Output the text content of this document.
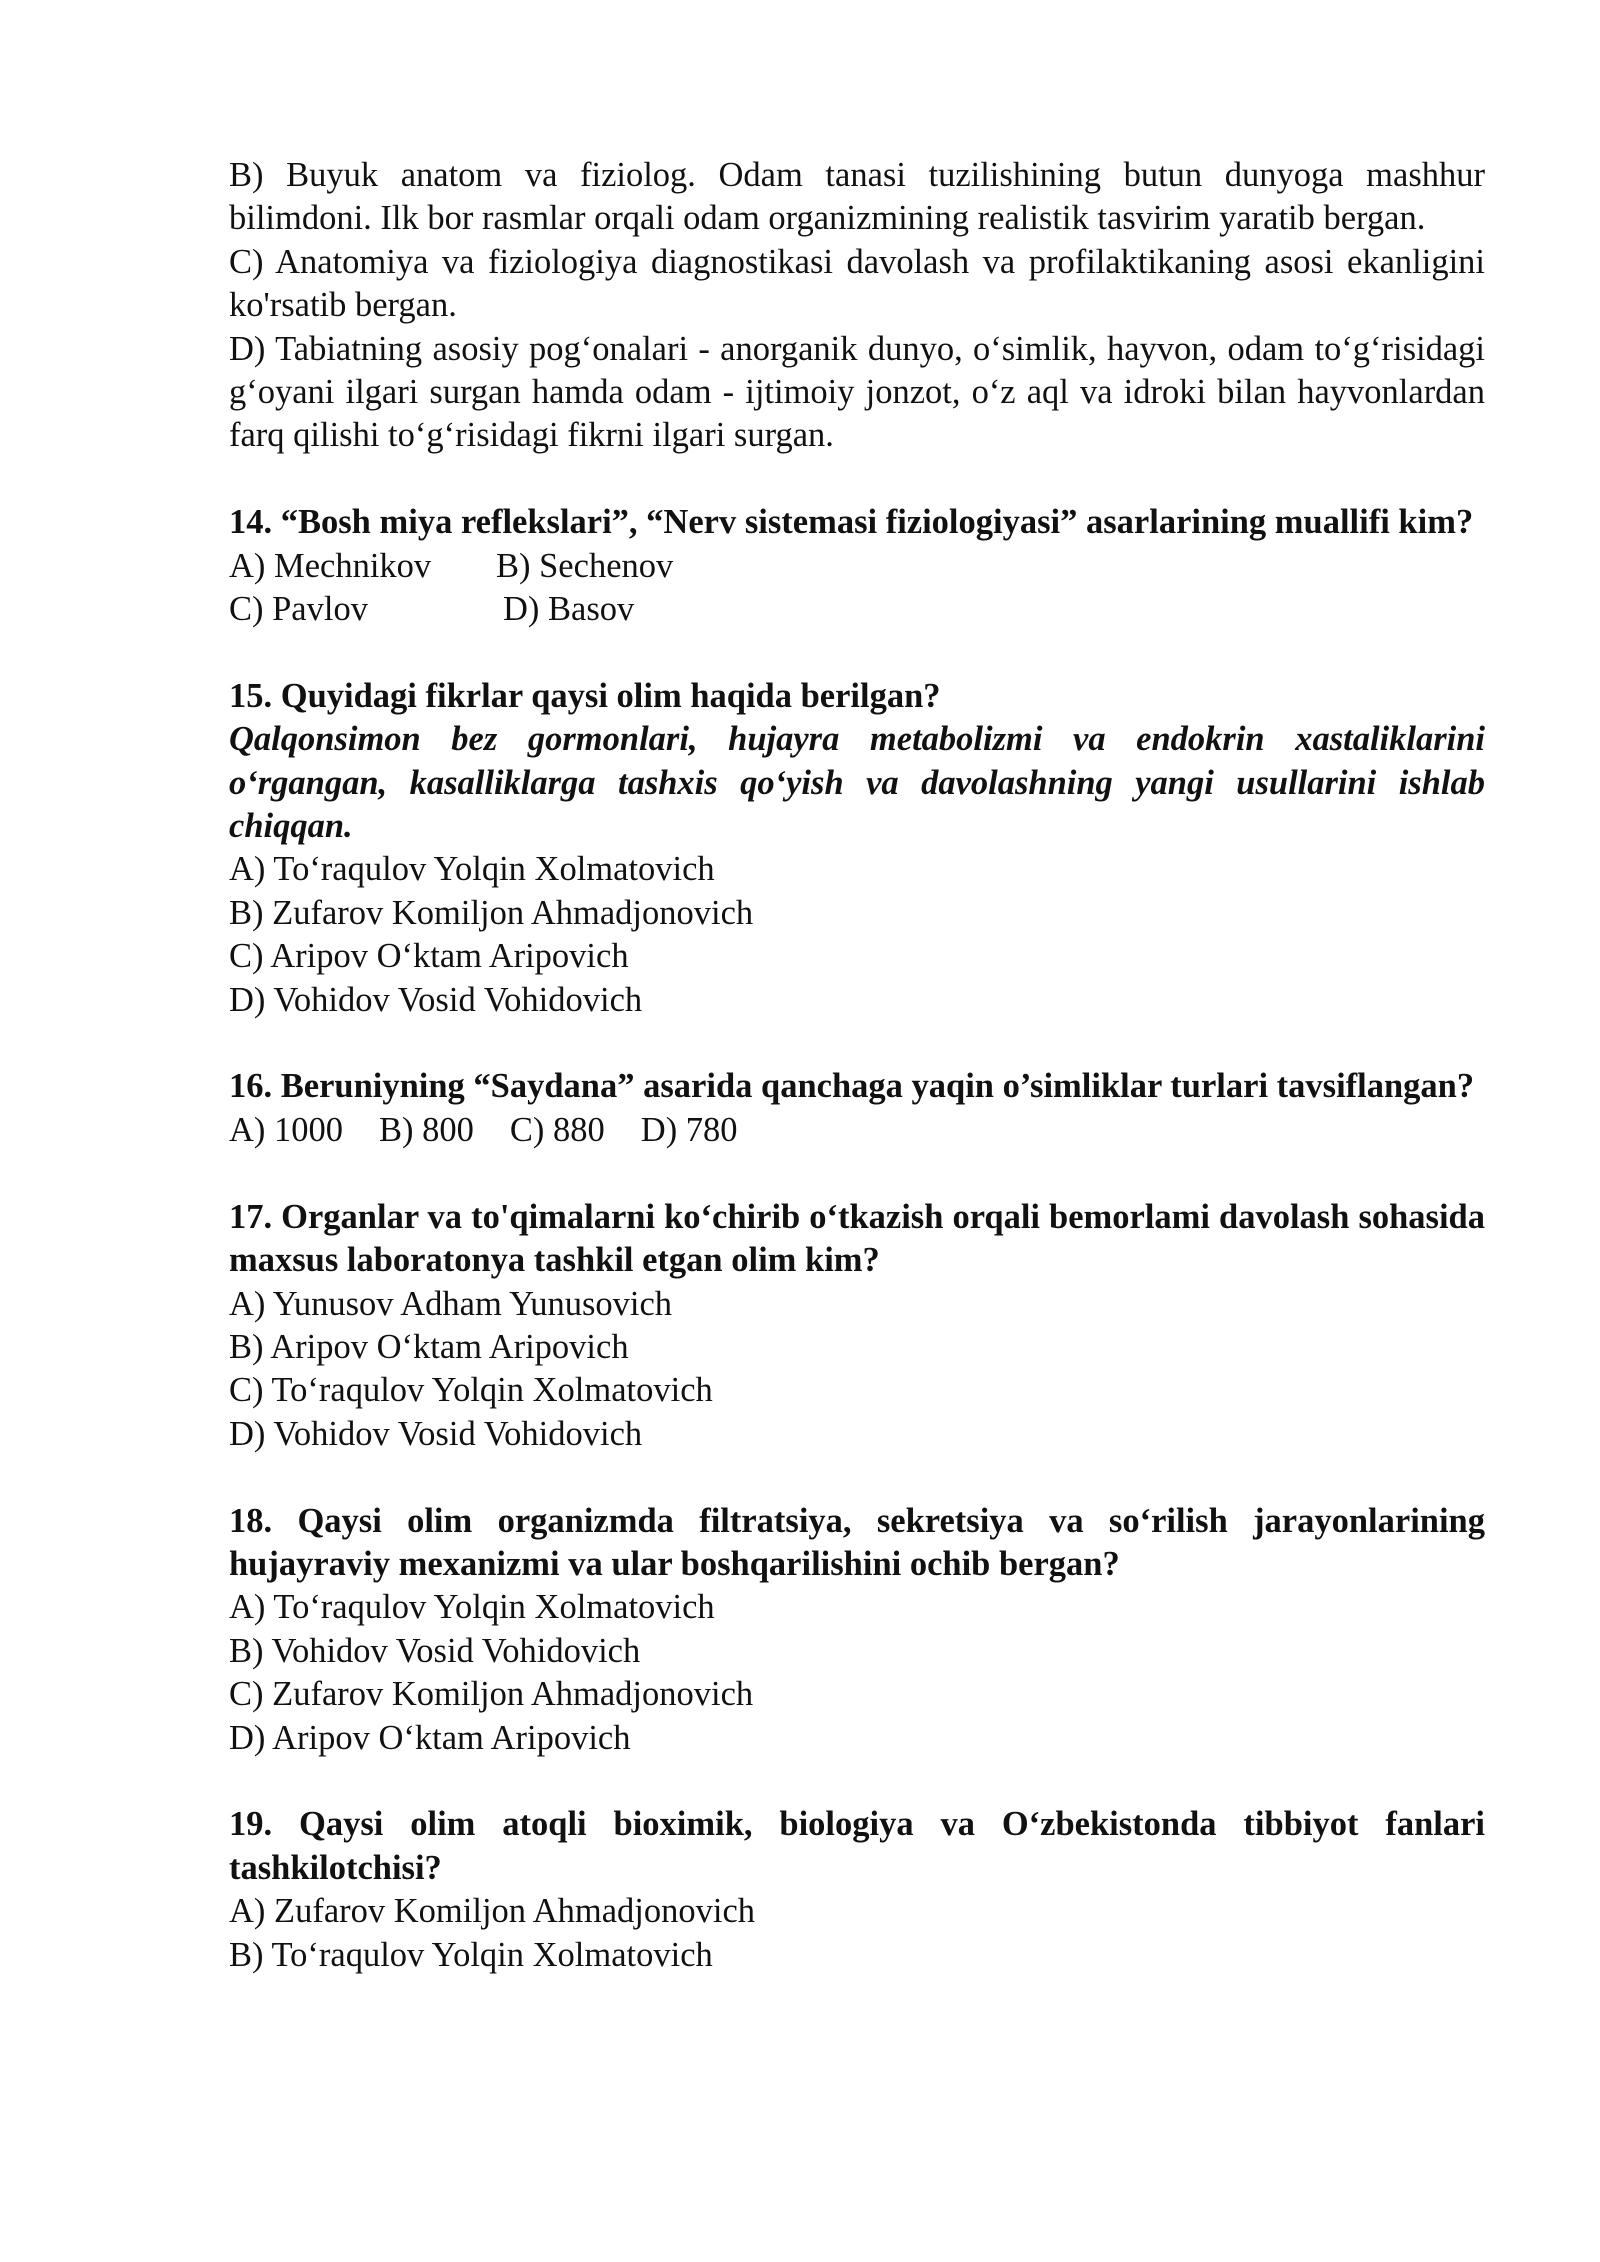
B) Buyuk anatom va fiziolog. Odam tanasi tuzilishining butun dunyoga mashhur bilimdoni. Ilk bor rasmlar orqali odam organizmining realistik tasvirim yaratib bergan.

C) Anatomiya va fiziologiya diagnostikasi davolash va profilaktikaning asosi ekanligini ko'rsatib bergan.

D) Tabiatning asosiy pog‘onalari - anorganik dunyo, o‘simlik, hayvon, odam to‘g‘risidagi g‘oyani ilgari surgan hamda odam - ijtimoiy jonzot, o‘z aql va idroki bilan hayvonlardan farq qilishi to‘g‘risidagi fikrni ilgari surgan.

14. “Bosh miya reflekslari”, “Nerv sistemasi fiziologiyasi” asarlarining muallifi kim?

A) Mechnikov B) Sechenov

C) Pavlov	D) Basov

15. Quyidagi fikrlar qaysi olim haqida berilgan?

Qalqonsimon bez gormonlari, hujayra metabolizmi va endokrin xastaliklarini o‘rgangan, kasalliklarga tashxis qo‘yish va davolashning yangi usullarini ishlab chiqqan.

A) To‘raqulov Yolqin Xolmatovich

B) Zufarov Komiljon Ahmadjonovich

C) Aripov O‘ktam Aripovich

D) Vohidov Vosid Vohidovich

16. Beruniyning “Saydana” asarida qanchaga yaqin o’simliklar turlari tavsiflangan?

A) 1000 B) 800 C) 880 D) 780

17. Organlar va to'qimalarni ko‘chirib o‘tkazish orqali bemorlami davolash sohasida maxsus laboratonya tashkil etgan olim kim?

A) Yunusov Adham Yunusovich

B) Aripov O‘ktam Aripovich

C) To‘raqulov Yolqin Xolmatovich

D) Vohidov Vosid Vohidovich

18. Qaysi olim organizmda filtratsiya, sekretsiya va so‘rilish jarayonlarining hujayraviy mexanizmi va ular boshqarilishini ochib bergan?

A) To‘raqulov Yolqin Xolmatovich

B) Vohidov Vosid Vohidovich

C) Zufarov Komiljon Ahmadjonovich

D) Aripov O‘ktam Aripovich

19. Qaysi olim atoqli bioximik, biologiya va O‘zbekistonda tibbiyot fanlari tashkilotchisi?

A) Zufarov Komiljon Ahmadjonovich

B) To‘raqulov Yolqin Xolmatovich
